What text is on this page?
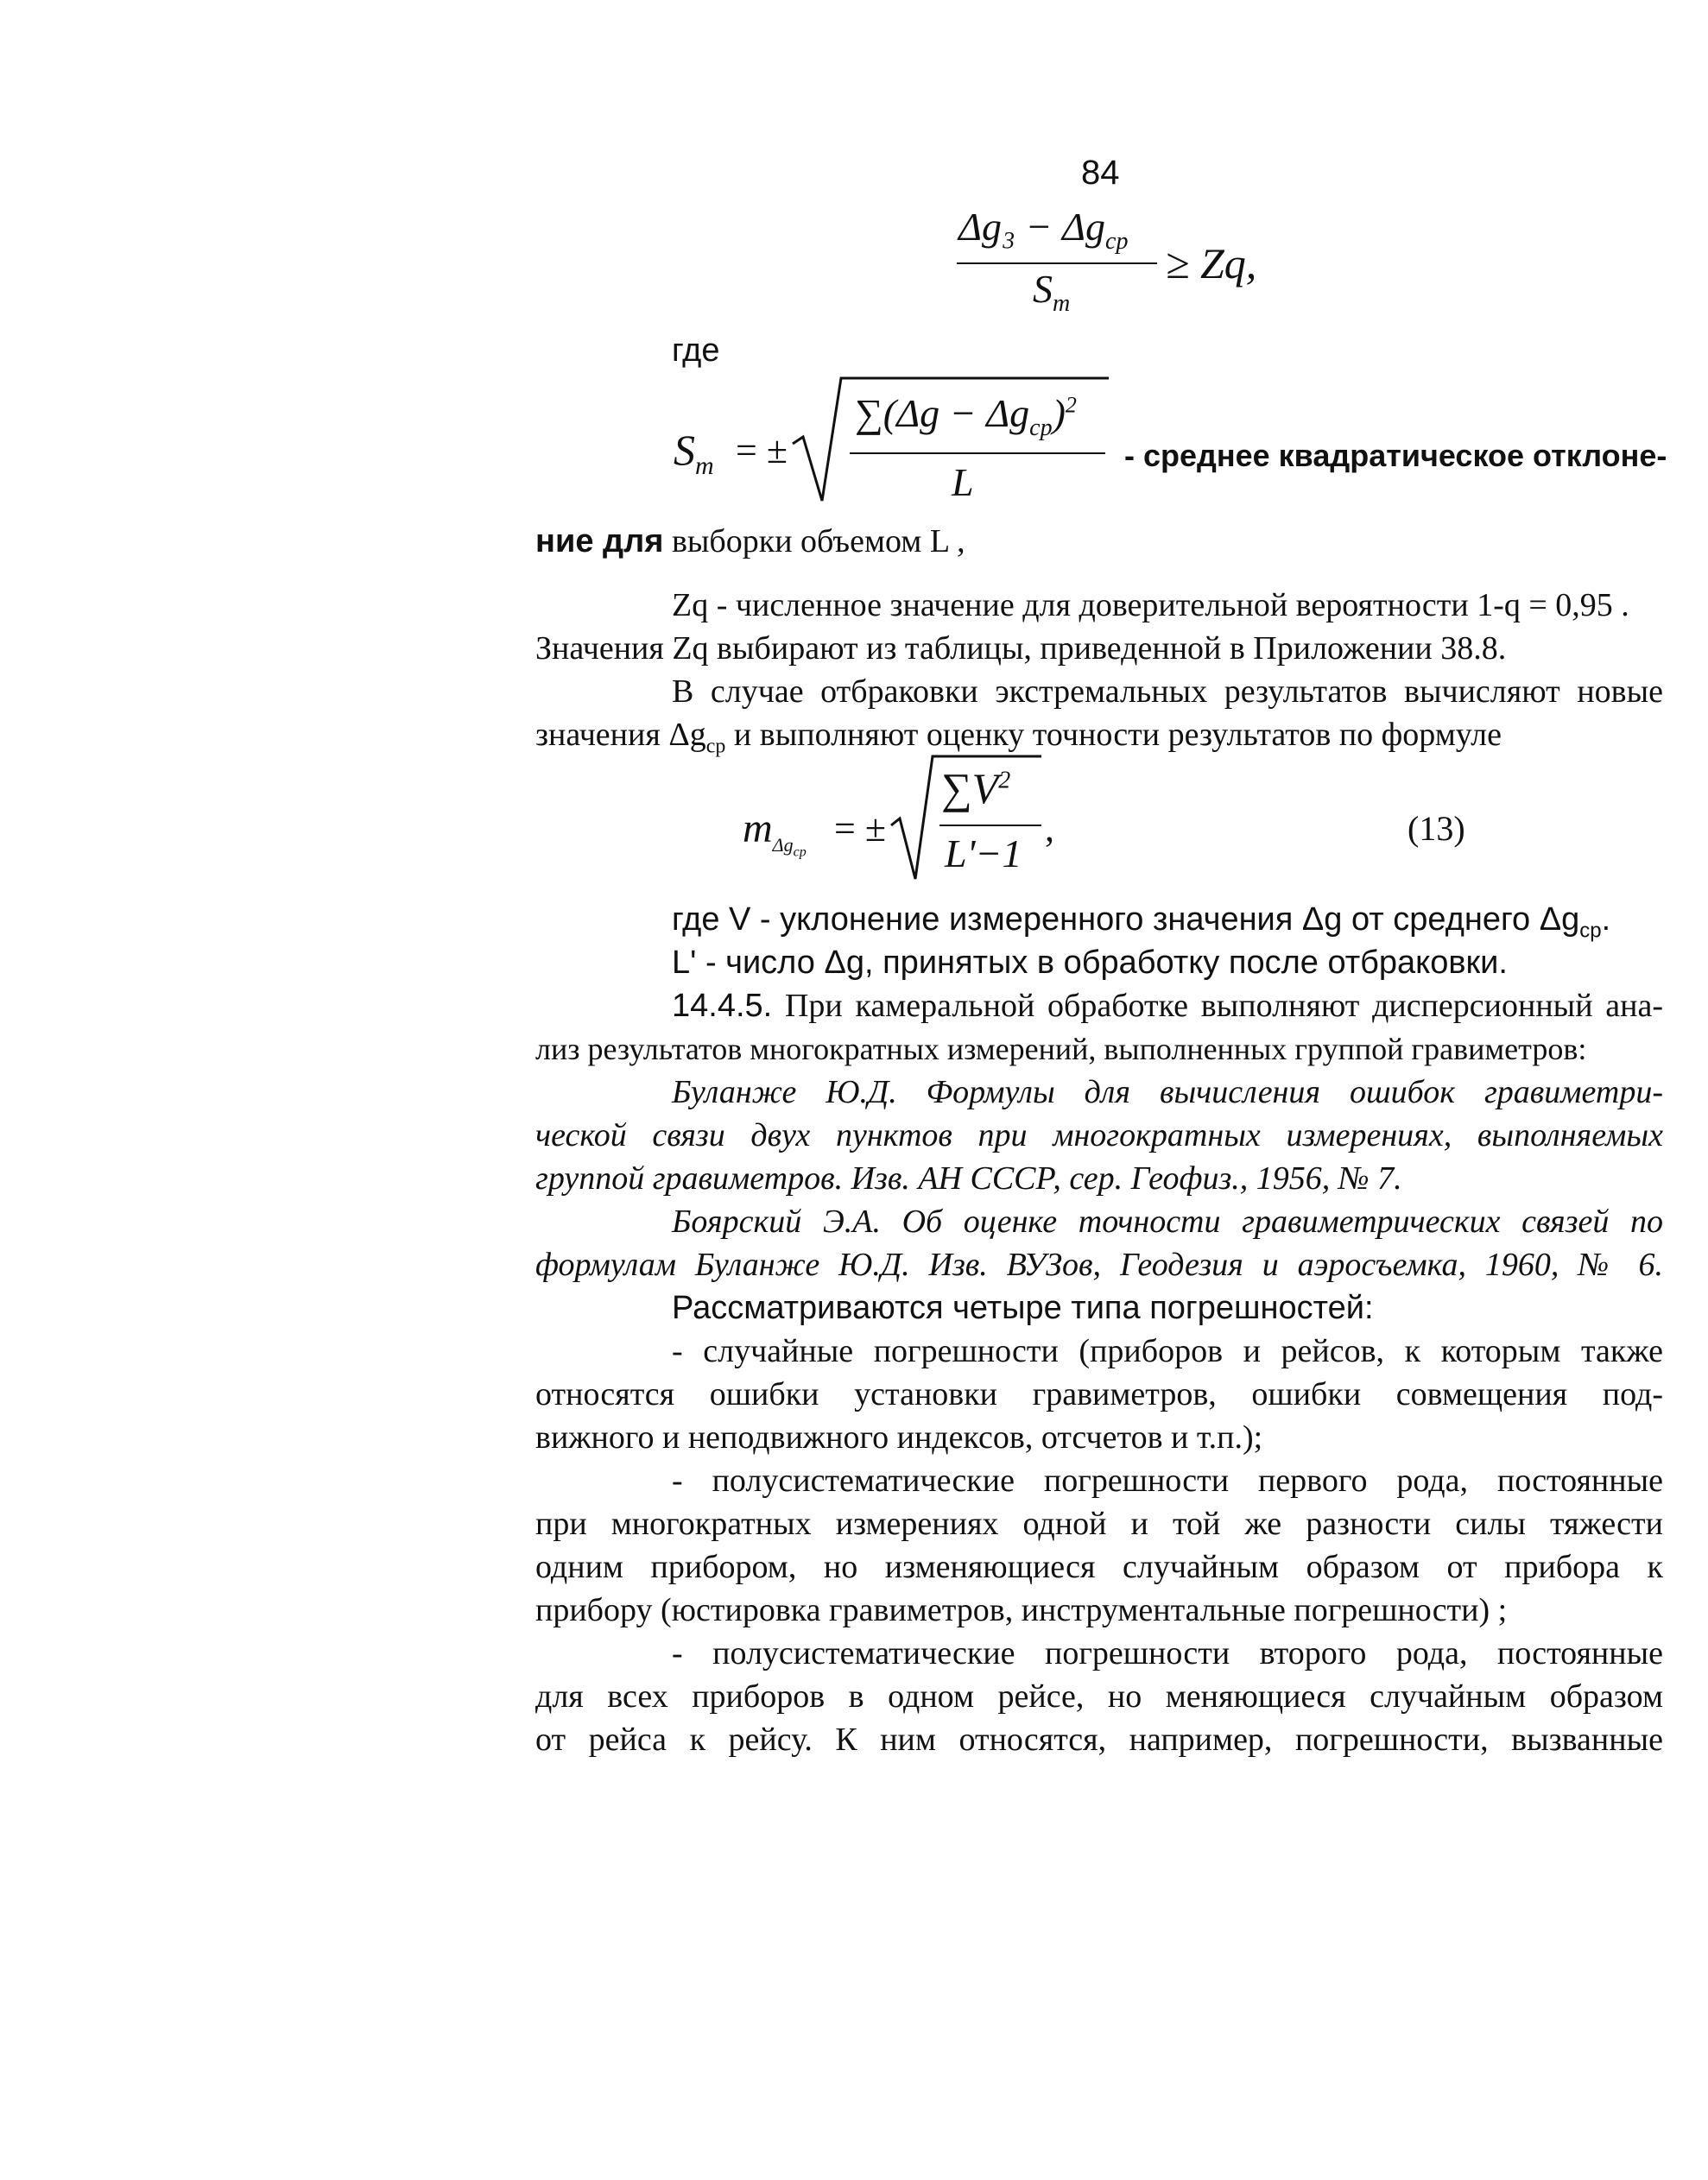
84
$\Delta g_3 - \Delta g_{ср}$
$S_m$
≥ Zq,
где
$S_m$ = ±
$\sum(\Delta g - \Delta g_{ср})^2$
L
- среднее квадратическое отклоне-
ние для выборки объемом L ,
Zq - численное значение для доверительной вероятности 1-q = 0,95 .
Значения Zq выбирают из таблицы, приведенной в Приложении 38.8.
В случае отбраковки экстремальных результатов вычисляют новые
значения $\Delta g_{ср}$ и выполняют оценку точности результатов по формуле
$m_{\Delta g_{ср}}$
= ±
$\sum V^2$
L'−1
,	(13)
где V - уклонение измеренного значения Δg от среднего $\Delta g_{ср}$.
L' - число Δg, принятых в обработку после отбраковки.
14.4.5. При камеральной обработке выполняют дисперсионный ана-
лиз результатов многократных измерений, выполненных группой гравиметров:
Буланже Ю.Д. Формулы для вычисления ошибок гравиметри-
ческой связи двух пунктов при многократных измерениях, выполняемых
группой гравиметров. Изв. АН СССР, сер. Геофиз., 1956, № 7.
Боярский Э.А. Об оценке точности гравиметрических связей по
формулам Буланже Ю.Д. Изв. ВУЗов, Геодезия и аэросъемка, 1960, № 6.
Рассматриваются четыре типа погрешностей:
- случайные погрешности (приборов и рейсов, к которым также
относятся ошибки установки гравиметров, ошибки совмещения под-
вижного и неподвижного индексов, отсчетов и т.п.);
- полусистематические погрешности первого рода, постоянные
при многократных измерениях одной и той же разности силы тяжести
одним прибором, но изменяющиеся случайным образом от прибора к
прибору (юстировка гравиметров, инструментальные погрешности) ;
- полусистематические погрешности второго рода, постоянные
для всех приборов в одном рейсе, но меняющиеся случайным образом
от рейса к рейсу. К ним относятся, например, погрешности, вызванные
